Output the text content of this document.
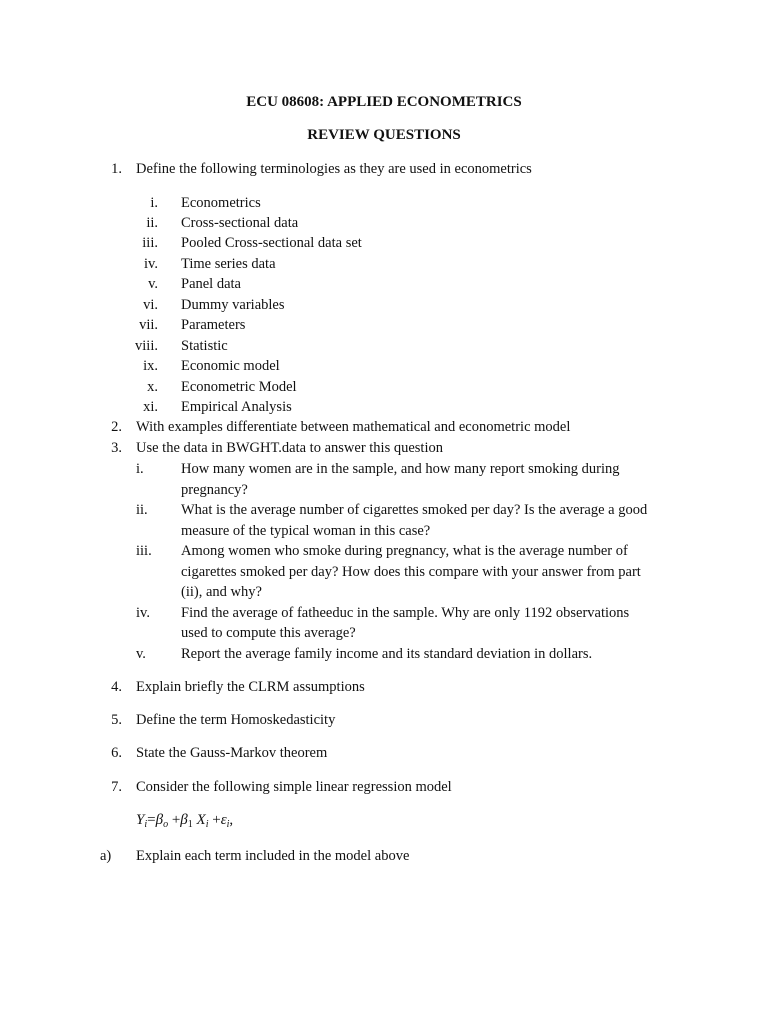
ECU 08608: APPLIED ECONOMETRICS
REVIEW QUESTIONS
1. Define the following terminologies as they are used in econometrics
i. Econometrics
ii. Cross-sectional data
iii. Pooled Cross-sectional data set
iv. Time series data
v. Panel data
vi. Dummy variables
vii. Parameters
viii. Statistic
ix. Economic model
x. Econometric Model
xi. Empirical Analysis
2. With examples differentiate between mathematical and econometric model
3. Use the data in BWGHT.data to answer this question
i.	How many women are in the sample, and how many report smoking during
pregnancy?
ii. What is the average number of cigarettes smoked per day? Is the average a good
measure of the typical woman in this case?
iii. Among women who smoke during pregnancy, what is the average number of
cigarettes smoked per day? How does this compare with your answer from part
(ii), and why?
iv. Find the average of fatheeduc in the sample. Why are only 1192 observations
used to compute this average?
v. Report the average family income and its standard deviation in dollars.
4. Explain briefly the CLRM assumptions
5. Define the term Homoskedasticity
6. State the Gauss-Markov theorem
7. Consider the following simple linear regression model
$Y_i=\beta_o +\beta_1$ $X_i +\varepsilon_i$,
a)	Explain each term included in the model above
